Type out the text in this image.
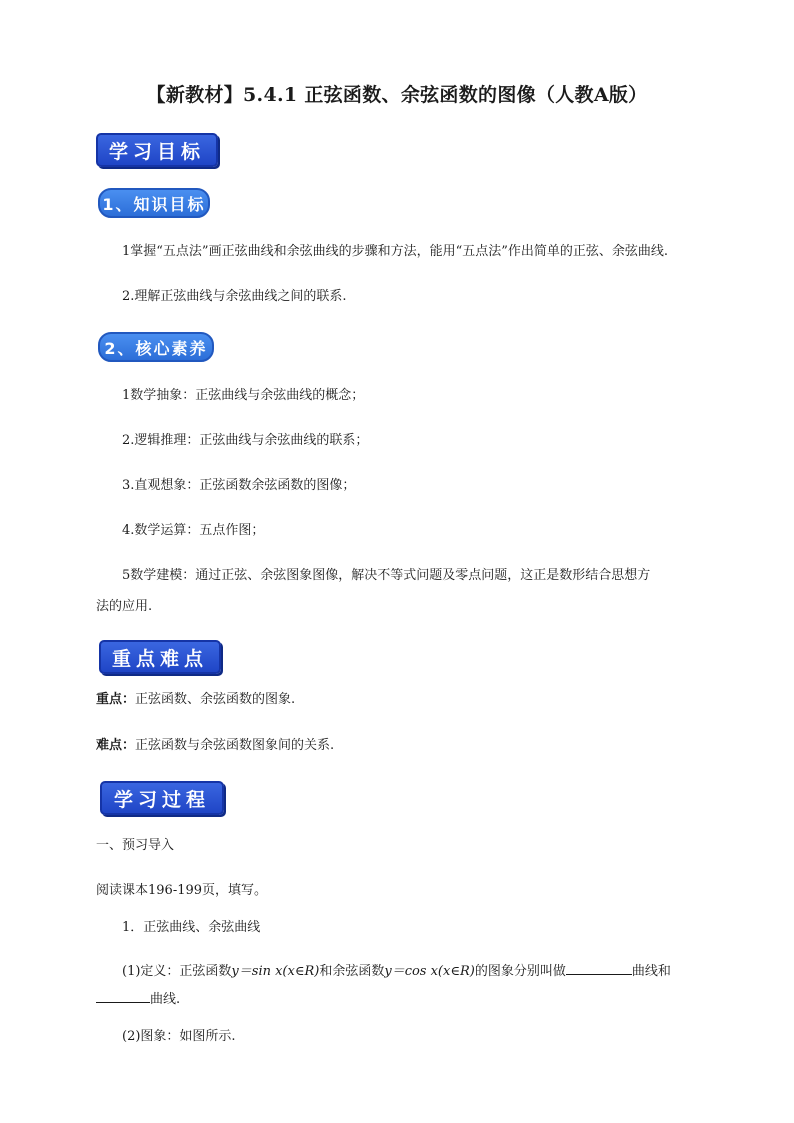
【新教材】5.4.1 正弦函数、余弦函数的图像（人教A版）
学习目标
1、知识目标
1掌握“五点法”画正弦曲线和余弦曲线的步骤和方法，能用“五点法”作出简单的正弦、余弦曲线.
2.理解正弦曲线与余弦曲线之间的联系.
2、核心素养
1数学抽象：正弦曲线与余弦曲线的概念；
2.逻辑推理：正弦曲线与余弦曲线的联系；
3.直观想象：正弦函数余弦函数的图像；
4.数学运算：五点作图；
5数学建模：通过正弦、余弦图象图像，解决不等式问题及零点问题，这正是数形结合思想方
法的应用.
重点难点
重点：正弦函数、余弦函数的图象.
难点：正弦函数与余弦函数图象间的关系.
学习过程
一、预习导入
阅读课本196-199页，填写。
1．正弦曲线、余弦曲线
(1)定义：正弦函数y＝sin x(x∈R)和余弦函数y＝cos x(x∈R)的图象分别叫做	曲线和
曲线.
(2)图象：如图所示.
